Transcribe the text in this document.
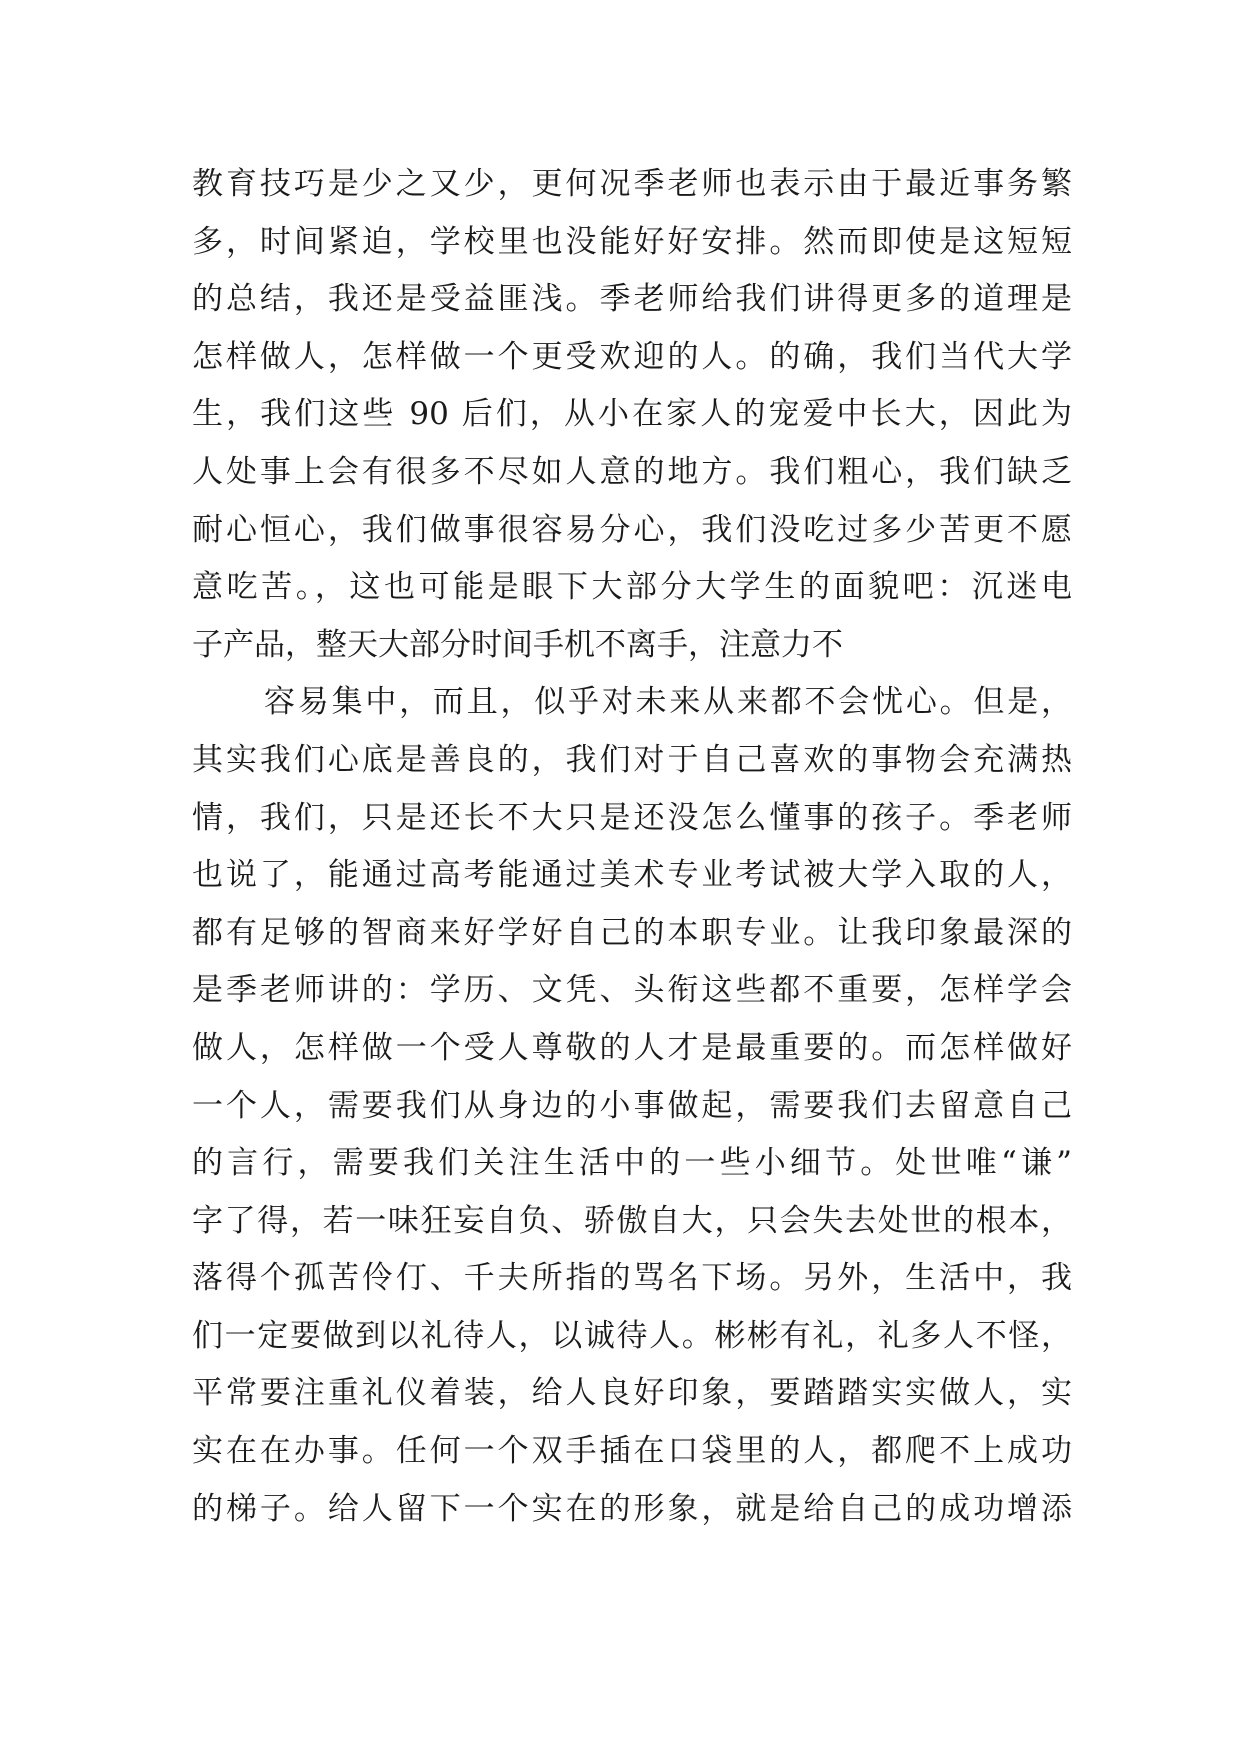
教育技巧是少之又少，更何况季老师也表示由于最近事务繁
多，时间紧迫，学校里也没能好好安排。然而即使是这短短
的总结，我还是受益匪浅。季老师给我们讲得更多的道理是
怎样做人，怎样做一个更受欢迎的人。的确，我们当代大学
生，我们这些 90 后们，从小在家人的宠爱中长大，因此为
人处事上会有很多不尽如人意的地方。我们粗心，我们缺乏
耐心恒心，我们做事很容易分心，我们没吃过多少苦更不愿
意吃苦。，这也可能是眼下大部分大学生的面貌吧：沉迷电
子产品，整天大部分时间手机不离手，注意力不
容易集中，而且，似乎对未来从来都不会忧心。但是，
其实我们心底是善良的，我们对于自己喜欢的事物会充满热
情，我们，只是还长不大只是还没怎么懂事的孩子。季老师
也说了，能通过高考能通过美术专业考试被大学入取的人，
都有足够的智商来好学好自己的本职专业。让我印象最深的
是季老师讲的：学历、文凭、头衔这些都不重要，怎样学会
做人，怎样做一个受人尊敬的人才是最重要的。而怎样做好
一个人，需要我们从身边的小事做起，需要我们去留意自己
的言行，需要我们关注生活中的一些小细节。处世唯“谦”
字了得，若一味狂妄自负、骄傲自大，只会失去处世的根本，
落得个孤苦伶仃、千夫所指的骂名下场。另外，生活中，我
们一定要做到以礼待人，以诚待人。彬彬有礼，礼多人不怪，
平常要注重礼仪着装，给人良好印象，要踏踏实实做人，实
实在在办事。任何一个双手插在口袋里的人，都爬不上成功
的梯子。给人留下一个实在的形象，就是给自己的成功增添
